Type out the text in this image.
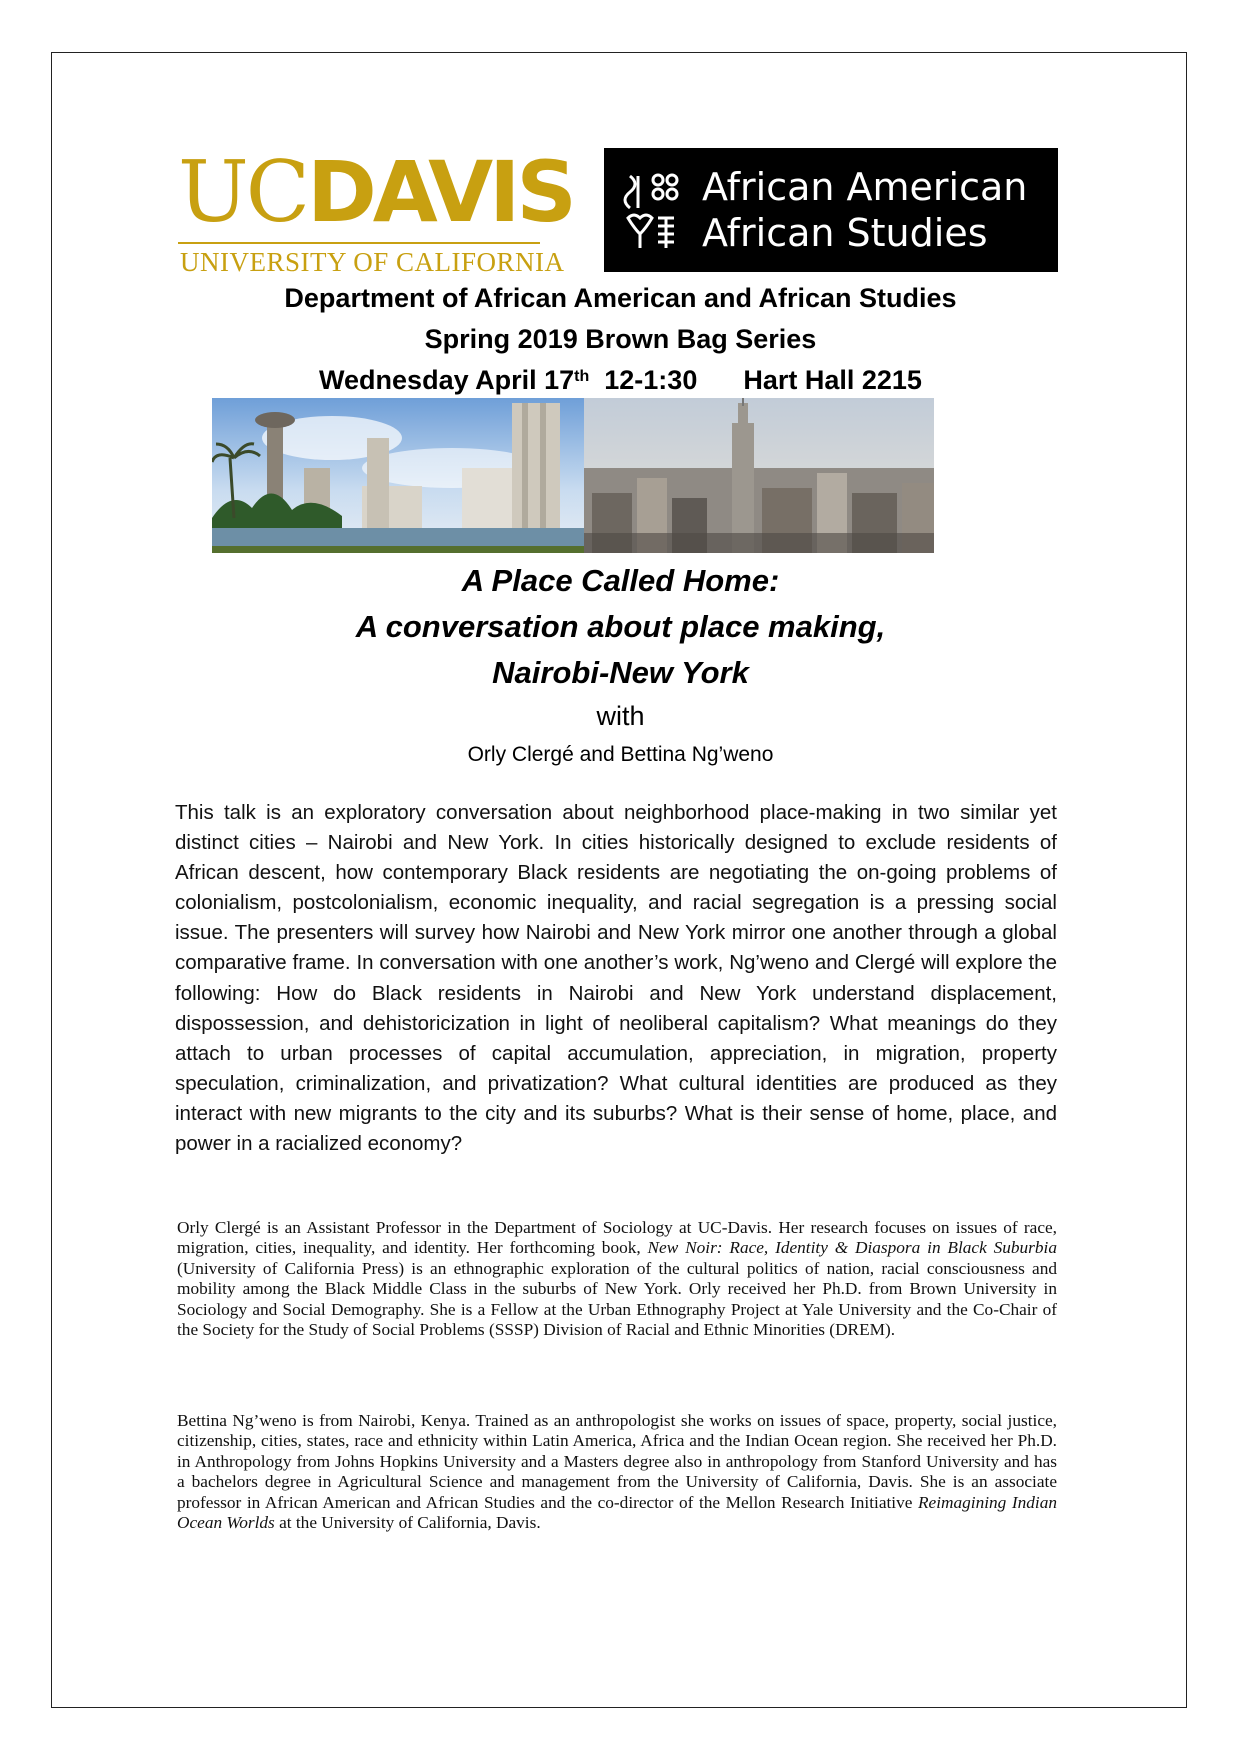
UCDAVIS
UNIVERSITY OF CALIFORNIA
African American
African Studies
Department of African American and African Studies
Spring 2019 Brown Bag Series
Wednesday April 17th 12-1:30 Hart Hall 2215
A Place Called Home:
A conversation about place making,
Nairobi-New York
with
Orly Clergé and Bettina Ng’weno
This talk is an exploratory conversation about neighborhood place-making in two similar yet distinct cities – Nairobi and New York. In cities historically designed to exclude residents of African descent, how contemporary Black residents are negotiating the on-going problems of colonialism, postcolonialism, economic inequality, and racial segregation is a pressing social issue. The presenters will survey how Nairobi and New York mirror one another through a global comparative frame. In conversation with one another’s work, Ng’weno and Clergé will explore the following: How do Black residents in Nairobi and New York understand displacement, dispossession, and dehistoricization in light of neoliberal capitalism? What meanings do they attach to urban processes of capital accumulation, appreciation, in migration, property speculation, criminalization, and privatization? What cultural identities are produced as they interact with new migrants to the city and its suburbs? What is their sense of home, place, and power in a racialized economy?
Orly Clergé is an Assistant Professor in the Department of Sociology at UC-Davis. Her research focuses on issues of race, migration, cities, inequality, and identity. Her forthcoming book, New Noir: Race, Identity & Diaspora in Black Suburbia (University of California Press) is an ethnographic exploration of the cultural politics of nation, racial consciousness and mobility among the Black Middle Class in the suburbs of New York. Orly received her Ph.D. from Brown University in Sociology and Social Demography. She is a Fellow at the Urban Ethnography Project at Yale University and the Co-Chair of the Society for the Study of Social Problems (SSSP) Division of Racial and Ethnic Minorities (DREM).
Bettina Ng’weno is from Nairobi, Kenya. Trained as an anthropologist she works on issues of space, property, social justice, citizenship, cities, states, race and ethnicity within Latin America, Africa and the Indian Ocean region. She received her Ph.D. in Anthropology from Johns Hopkins University and a Masters degree also in anthropology from Stanford University and has a bachelors degree in Agricultural Science and management from the University of California, Davis. She is an associate professor in African American and African Studies and the co-director of the Mellon Research Initiative Reimagining Indian Ocean Worlds at the University of California, Davis.
